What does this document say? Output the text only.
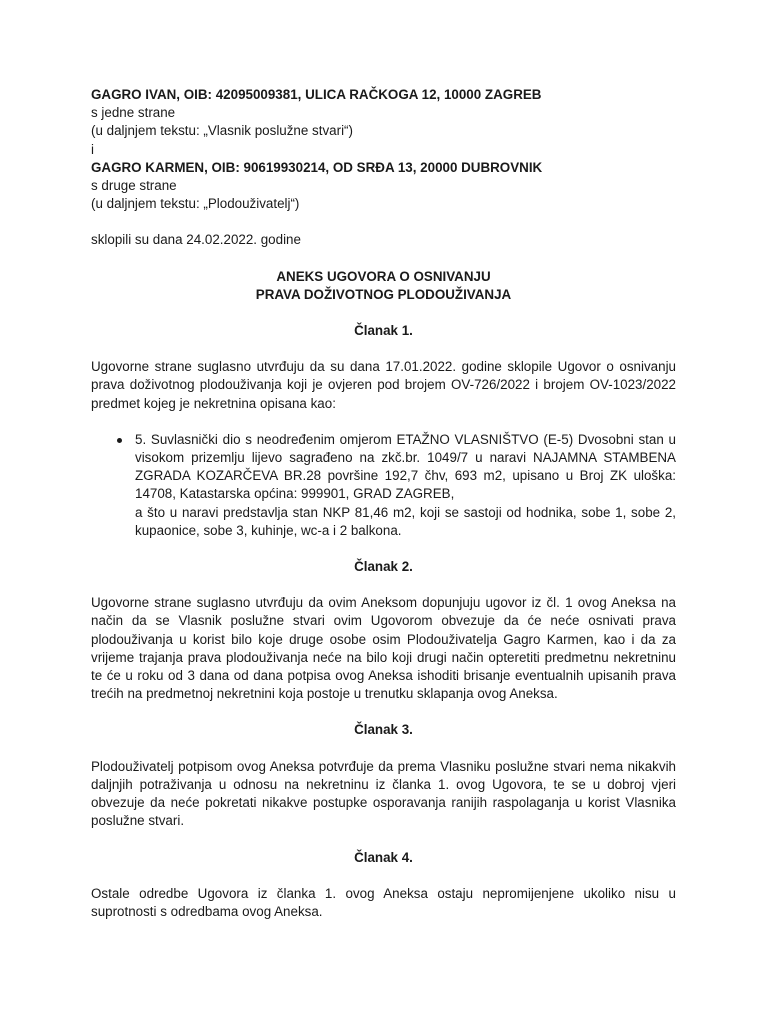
GAGRO IVAN, OIB: 42095009381, ULICA RAČKOGA 12, 10000 ZAGREB
s jedne strane
(u daljnjem tekstu: „Vlasnik poslužne stvari“)
i
GAGRO KARMEN, OIB: 90619930214, OD SRĐA 13, 20000 DUBROVNIK
s druge strane
(u daljnjem tekstu: „Plodouživatelj“)
sklopili su dana 24.02.2022. godine
ANEKS UGOVORA O OSNIVANJU
PRAVA DOŽIVOTNOG PLODOUŽIVANJA
Članak 1.

Ugovorne strane suglasno utvrđuju da su dana 17.01.2022. godine sklopile Ugovor o osnivanju prava doživotnog plodouživanja koji je ovjeren pod brojem OV-726/2022 i brojem OV-1023/2022 predmet kojeg je nekretnina opisana kao:

5. Suvlasnički dio s neodređenim omjerom ETAŽNO VLASNIŠTVO (E-5) Dvosobni stan u visokom prizemlju lijevo sagrađeno na zkč.br. 1049/7 u naravi NAJAMNA STAMBENA ZGRADA KOZARČEVA BR.28 površine 192,7 čhv, 693 m2, upisano u Broj ZK uloška: 14708, Katastarska općina: 999901, GRAD ZAGREB,
a što u naravi predstavlja stan NKP 81,46 m2, koji se sastoji od hodnika, sobe 1, sobe 2, kupaonice, sobe 3, kuhinje, wc-a i 2 balkona.
Članak 2.

Ugovorne strane suglasno utvrđuju da ovim Aneksom dopunjuju ugovor iz čl. 1 ovog Aneksa na način da se Vlasnik poslužne stvari ovim Ugovorom obvezuje da će neće osnivati prava plodouživanja u korist bilo koje druge osobe osim Plodouživatelja Gagro Karmen, kao i da za vrijeme trajanja prava plodouživanja neće na bilo koji drugi način opteretiti predmetnu nekretninu te će u roku od 3 dana od dana potpisa ovog Aneksa ishoditi brisanje eventualnih upisanih prava trećih na predmetnoj nekretnini koja postoje u trenutku sklapanja ovog Aneksa.

Članak 3.

Plodouživatelj potpisom ovog Aneksa potvrđuje da prema Vlasniku poslužne stvari nema nikakvih daljnjih potraživanja u odnosu na nekretninu iz članka 1. ovog Ugovora, te se u dobroj vjeri obvezuje da neće pokretati nikakve postupke osporavanja ranijih raspolaganja u korist Vlasnika poslužne stvari.

Članak 4.

Ostale odredbe Ugovora iz članka 1. ovog Aneksa ostaju nepromijenjene ukoliko nisu u suprotnosti s odredbama ovog Aneksa.
